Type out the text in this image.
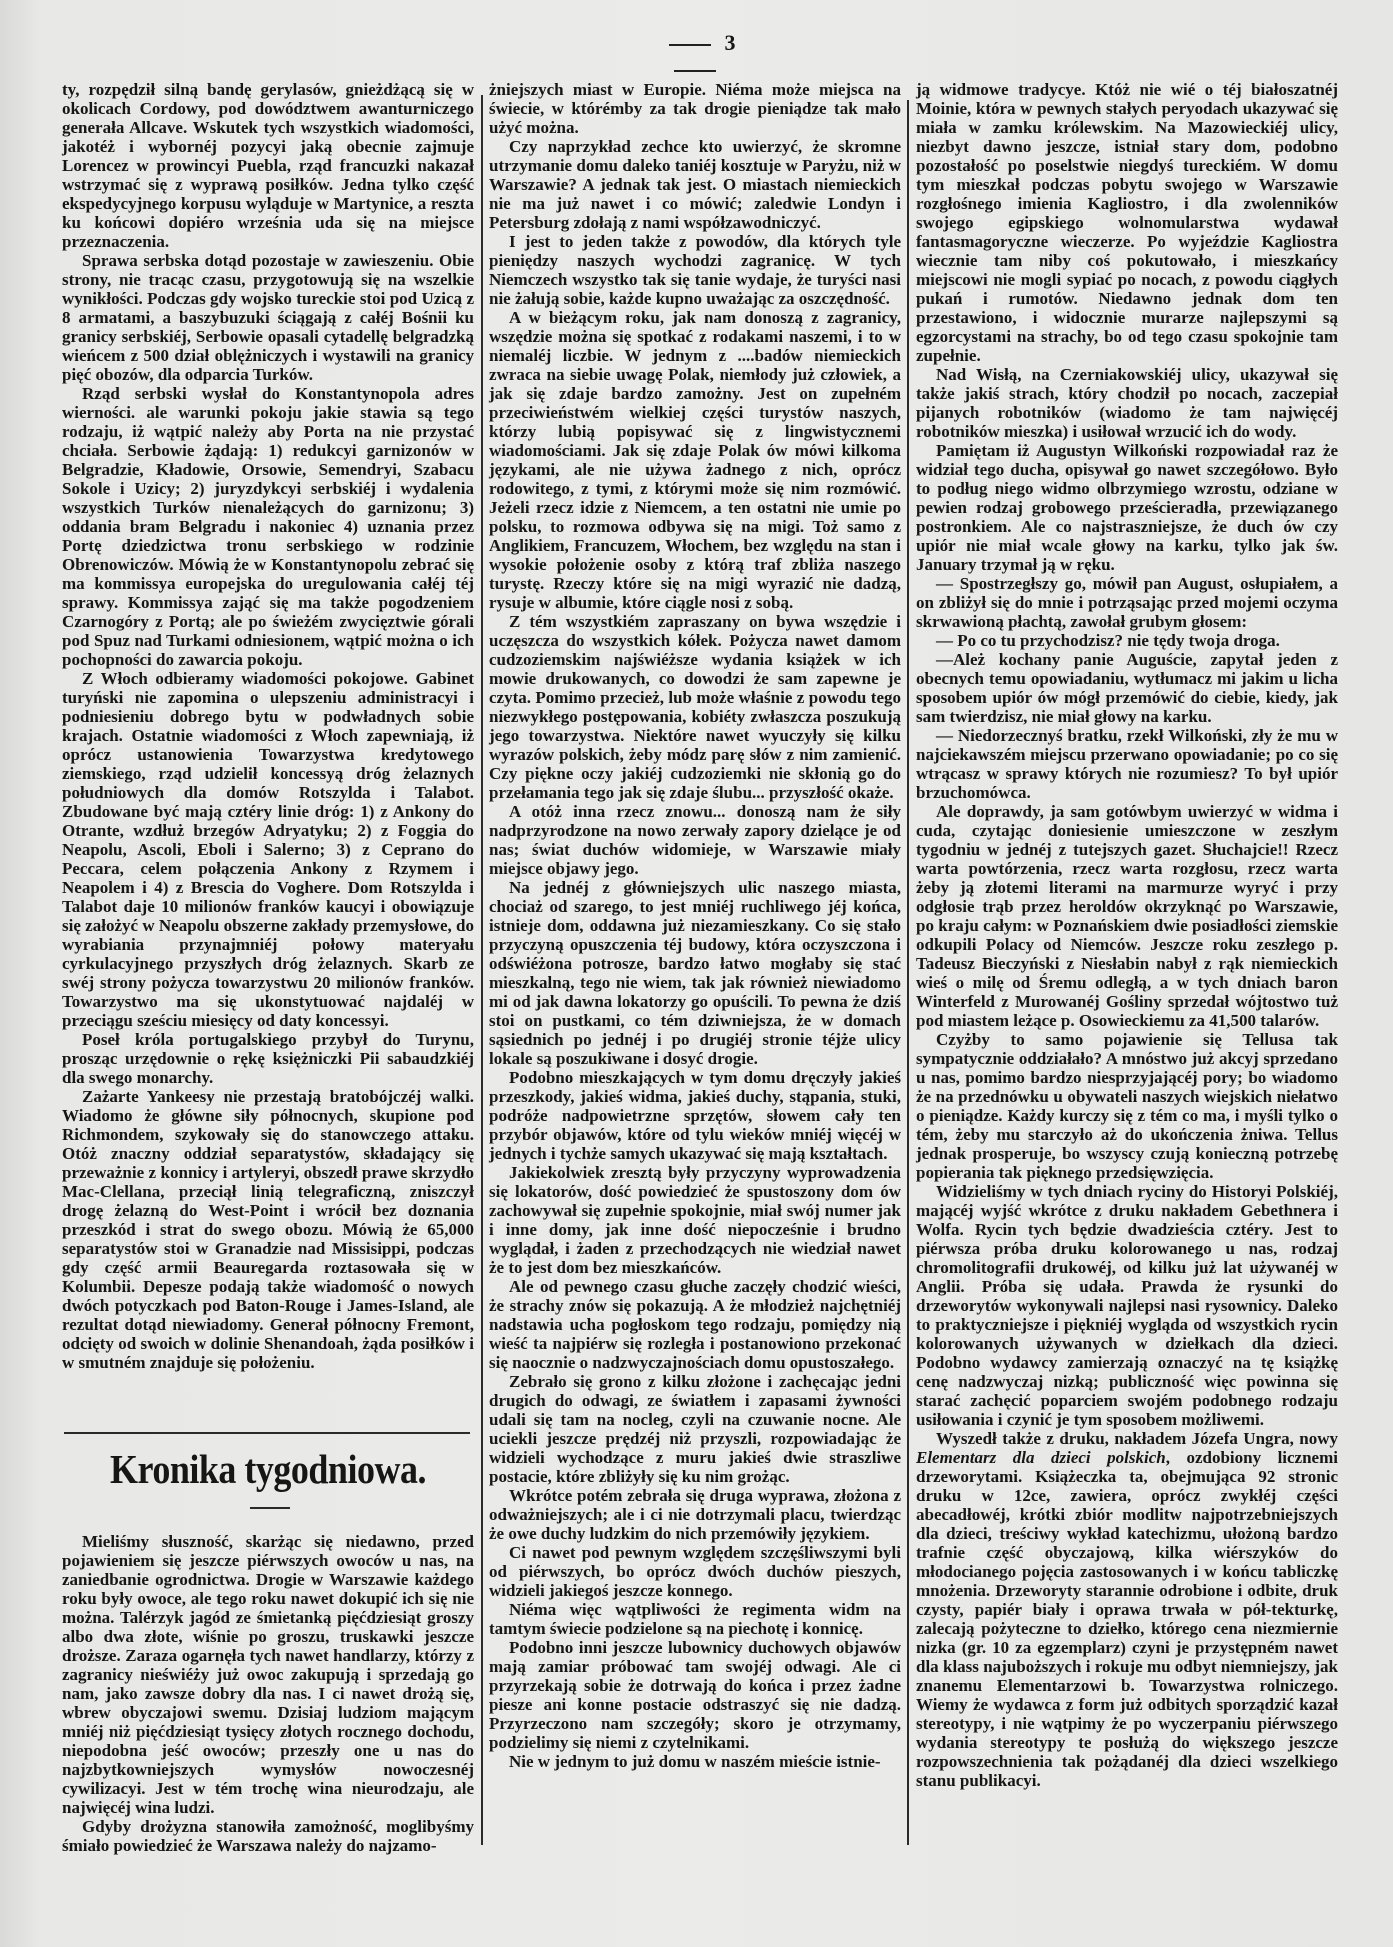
3

ty, rozpędził silną bandę gerylasów, gnieżdżącą się w okolicach Cordowy, pod dowództwem awanturniczego generała Allcave. Wskutek tych wszystkich wiadomości, jakotéż i wybornéj pozycyi jaką obecnie zajmuje Lorencez w prowincyi Puebla, rząd francuzki nakazał wstrzymać się z wyprawą posiłków. Jedna tylko część ekspedycyjnego korpusu wyląduje w Martynice, a reszta ku końcowi dopiéro września uda się na miejsce przeznaczenia.

Sprawa serbska dotąd pozostaje w zawieszeniu. Obie strony, nie tracąc czasu, przygotowują się na wszelkie wynikłości. Podczas gdy wojsko tureckie stoi pod Uzicą z 8 armatami, a baszybuzuki ściągają z całéj Bośnii ku granicy serbskiéj, Serbowie opasali cytadellę belgradzką wieńcem z 500 dział oblężniczych i wystawili na granicy pięć obozów, dla odparcia Turków.

Rząd serbski wysłał do Konstantynopola adres wierności. ale warunki pokoju jakie stawia są tego rodzaju, iż wątpić należy aby Porta na nie przystać chciała. Serbowie żądają: 1) redukcyi garnizonów w Belgradzie, Kładowie, Orsowie, Semendryi, Szabacu Sokole i Uzicy; 2) juryzdykcyi serbskiéj i wydalenia wszystkich Turków nienależących do garnizonu; 3) oddania bram Belgradu i nakoniec 4) uznania przez Portę dziedzictwa tronu serbskiego w rodzinie Obrenowiczów. Mówią że w Konstantynopolu zebrać się ma kommissya europejska do uregulowania całéj téj sprawy. Kommissya zająć się ma także pogodzeniem Czarnogóry z Portą; ale po świeżém zwycięztwie górali pod Spuz nad Turkami odniesionem, wątpić można o ich pochopności do zawarcia pokoju.

Z Włoch odbieramy wiadomości pokojowe. Gabinet turyński nie zapomina o ulepszeniu administracyi i podniesieniu dobrego bytu w podwładnych sobie krajach. Ostatnie wiadomości z Włoch zapewniają, iż oprócz ustanowienia Towarzystwa kredytowego ziemskiego, rząd udzielił koncessyą dróg żelaznych południowych dla domów Rotszylda i Talabot. Zbudowane być mają cztéry linie dróg: 1) z Ankony do Otrante, wzdłuż brzegów Adryatyku; 2) z Foggia do Neapolu, Ascoli, Eboli i Salerno; 3) z Ceprano do Peccara, celem połączenia Ankony z Rzymem i Neapolem i 4) z Brescia do Voghere. Dom Rotszylda i Talabot daje 10 milionów franków kaucyi i obowiązuje się założyć w Neapolu obszerne zakłady przemysłowe, do wyrabiania przynajmniéj połowy materyału cyrkulacyjnego przyszłych dróg żelaznych. Skarb ze swéj strony pożycza towarzystwu 20 milionów franków. Towarzystwo ma się ukonstytuować najdaléj w przeciągu sześciu miesięcy od daty koncessyi.

Poseł króla portugalskiego przybył do Turynu, prosząc urzędownie o rękę księżniczki Pii sabaudzkiéj dla swego monarchy.

Zażarte Yankeesy nie przestają bratobójczéj walki. Wiadomo że główne siły północnych, skupione pod Richmondem, szykowały się do stanowczego attaku. Otóż znaczny oddział separatystów, składający się przeważnie z konnicy i artyleryi, obszedł prawe skrzydło Mac-Clellana, przeciął linią telegraficzną, zniszczył drogę żelazną do West-Point i wrócił bez doznania przeszkód i strat do swego obozu. Mówią że 65,000 separatystów stoi w Granadzie nad Missisippi, podczas gdy część armii Beauregarda roztasowała się w Kolumbii. Depesze podają także wiadomość o nowych dwóch potyczkach pod Baton-Rouge i James-Island, ale rezultat dotąd niewiadomy. Generał północny Fremont, odcięty od swoich w dolinie Shenandoah, żąda posiłków i w smutném znajduje się położeniu.

Kronika tygodniowa.

Mieliśmy słuszność, skarżąc się niedawno, przed pojawieniem się jeszcze piérwszych owoców u nas, na zaniedbanie ogrodnictwa. Drogie w Warszawie każdego roku były owoce, ale tego roku nawet dokupić ich się nie można. Talérzyk jagód ze śmietanką pięćdziesiąt groszy albo dwa złote, wiśnie po groszu, truskawki jeszcze droższe. Zaraza ogarnęła tych nawet handlarzy, którzy z zagranicy nieświéży już owoc zakupują i sprzedają go nam, jako zawsze dobry dla nas. I ci nawet drożą się, wbrew obyczajowi swemu. Dzisiaj ludziom mającym mniéj niż pięćdziesiąt tysięcy złotych rocznego dochodu, niepodobna jeść owoców; przeszły one u nas do najzbytkowniejszych wymysłów nowoczesnéj cywilizacyi. Jest w tém trochę wina nieurodzaju, ale najwięcéj wina ludzi.

Gdyby drożyzna stanowiła zamożność, moglibyśmy śmiało powiedzieć że Warszawa należy do najzamo-

żniejszych miast w Europie. Niéma może miejsca na świecie, w którémby za tak drogie pieniądze tak mało użyć można.

Czy naprzykład zechce kto uwierzyć, że skromne utrzymanie domu daleko taniéj kosztuje w Paryżu, niż w Warszawie? A jednak tak jest. O miastach niemieckich nie ma już nawet i co mówić; zaledwie Londyn i Petersburg zdołają z nami współzawodniczyć.

I jest to jeden także z powodów, dla których tyle pieniędzy naszych wychodzi zagranicę. W tych Niemczech wszystko tak się tanie wydaje, że turyści nasi nie żałują sobie, każde kupno uważając za oszczędność.

A w bieżącym roku, jak nam donoszą z zagranicy, wszędzie można się spotkać z rodakami naszemi, i to w niemaléj liczbie. W jednym z ....badów niemieckich zwraca na siebie uwagę Polak, niemłody już człowiek, a jak się zdaje bardzo zamożny. Jest on zupełném przeciwieństwém wielkiej części turystów naszych, którzy lubią popisywać się z lingwistycznemi wiadomościami. Jak się zdaje Polak ów mówi kilkoma językami, ale nie używa żadnego z nich, oprócz rodowitego, z tymi, z którymi może się nim rozmówić. Jeżeli rzecz idzie z Niemcem, a ten ostatni nie umie po polsku, to rozmowa odbywa się na migi. Toż samo z Anglikiem, Francuzem, Włochem, bez względu na stan i wysokie położenie osoby z którą traf zbliża naszego turystę. Rzeczy które się na migi wyrazić nie dadzą, rysuje w albumie, które ciągle nosi z sobą.

Z tém wszystkiém zapraszany on bywa wszędzie i uczęszcza do wszystkich kółek. Pożycza nawet damom cudzoziemskim najświéższe wydania książek w ich mowie drukowanych, co dowodzi że sam zapewne je czyta. Pomimo przecież, lub może właśnie z powodu tego niezwykłego postępowania, kobiéty zwłaszcza poszukują jego towarzystwa. Niektóre nawet wyuczyły się kilku wyrazów polskich, żeby módz parę słów z nim zamienić. Czy piękne oczy jakiéj cudzoziemki nie skłonią go do przełamania tego jak się zdaje ślubu... przyszłość okaże.

A otóż inna rzecz znowu... donoszą nam że siły nadprzyrodzone na nowo zerwały zapory dzielące je od nas; świat duchów widomieje, w Warszawie miały miejsce objawy jego.

Na jednéj z główniejszych ulic naszego miasta, chociaż od szarego, to jest mniéj ruchliwego jéj końca, istnieje dom, oddawna już niezamieszkany. Co się stało przyczyną opuszczenia téj budowy, która oczyszczona i odświéżona potrosze, bardzo łatwo mogłaby się stać mieszkalną, tego nie wiem, tak jak również niewiadomo mi od jak dawna lokatorzy go opuścili. To pewna że dziś stoi on pustkami, co tém dziwniejsza, że w domach sąsiednich po jednéj i po drugiéj stronie téjże ulicy lokale są poszukiwane i dosyć drogie.

Podobno mieszkających w tym domu dręczyły jakieś przeszkody, jakieś widma, jakieś duchy, stąpania, stuki, podróże nadpowietrzne sprzętów, słowem cały ten przybór objawów, które od tylu wieków mniéj więcéj w jednych i tychże samych ukazywać się mają kształtach.

Jakiekolwiek zresztą były przyczyny wyprowadzenia się lokatorów, dość powiedzieć że spustoszony dom ów zachowywał się zupełnie spokojnie, miał swój numer jak i inne domy, jak inne dość niepocześnie i brudno wyglądał, i żaden z przechodzących nie wiedział nawet że to jest dom bez mieszkańców.

Ale od pewnego czasu głuche zaczęły chodzić wieści, że strachy znów się pokazują. A że młodzież najchętniéj nadstawia ucha pogłoskom tego rodzaju, pomiędzy nią wieść ta najpiérw się rozległa i postanowiono przekonać się naocznie o nadzwyczajnościach domu opustoszałego.

Zebrało się grono z kilku złożone i zachęcając jedni drugich do odwagi, ze światłem i zapasami żywności udali się tam na nocleg, czyli na czuwanie nocne. Ale uciekli jeszcze prędzéj niż przyszli, rozpowiadając że widzieli wychodzące z muru jakieś dwie straszliwe postacie, które zbliżyły się ku nim grożąc.

Wkrótce potém zebrała się druga wyprawa, złożona z odważniejszych; ale i ci nie dotrzymali placu, twierdząc że owe duchy ludzkim do nich przemówiły językiem.

Ci nawet pod pewnym względem szczęśliwszymi byli od piérwszych, bo oprócz dwóch duchów pieszych, widzieli jakiegoś jeszcze konnego.

Niéma więc wątpliwości że regimenta widm na tamtym świecie podzielone są na piechotę i konnicę.

Podobno inni jeszcze lubownicy duchowych objawów mają zamiar próbować tam swojéj odwagi. Ale ci przyrzekają sobie że dotrwają do końca i przez żadne piesze ani konne postacie odstraszyć się nie dadzą. Przyrzeczono nam szczegóły; skoro je otrzymamy, podzielimy się niemi z czytelnikami.

Nie w jednym to już domu w naszém mieście istnie-

ją widmowe tradycye. Któż nie wié o téj białoszatnéj Moinie, która w pewnych stałych peryodach ukazywać się miała w zamku królewskim. Na Mazowieckiéj ulicy, niezbyt dawno jeszcze, istniał stary dom, podobno pozostałość po poselstwie niegdyś tureckiém. W domu tym mieszkał podczas pobytu swojego w Warszawie rozgłośnego imienia Kagliostro, i dla zwolenników swojego egipskiego wolnomularstwa wydawał fantasmagoryczne wieczerze. Po wyjeździe Kagliostra wiecznie tam niby coś pokutowało, i mieszkańcy miejscowi nie mogli sypiać po nocach, z powodu ciągłych pukań i rumotów. Niedawno jednak dom ten przestawiono, i widocznie murarze najlepszymi są egzorcystami na strachy, bo od tego czasu spokojnie tam zupełnie.

Nad Wisłą, na Czerniakowskiéj ulicy, ukazywał się także jakiś strach, który chodził po nocach, zaczepiał pijanych robotników (wiadomo że tam najwięcéj robotników mieszka) i usiłował wrzucić ich do wody.

Pamiętam iż Augustyn Wilkoński rozpowiadał raz że widział tego ducha, opisywał go nawet szczegółowo. Było to podług niego widmo olbrzymiego wzrostu, odziane w pewien rodzaj grobowego prześcieradła, przewiązanego postronkiem. Ale co najstraszniejsze, że duch ów czy upiór nie miał wcale głowy na karku, tylko jak św. January trzymał ją w ręku.

— Spostrzegłszy go, mówił pan August, osłupiałem, a on zbliżył się do mnie i potrząsając przed mojemi oczyma skrwawioną płachtą, zawołał grubym głosem:

— Po co tu przychodzisz? nie tędy twoja droga.

—Ależ kochany panie Auguście, zapytał jeden z obecnych temu opowiadaniu, wytłumacz mi jakim u licha sposobem upiór ów mógł przemówić do ciebie, kiedy, jak sam twierdzisz, nie miał głowy na karku.

— Niedorzecznyś bratku, rzekł Wilkoński, zły że mu w najciekawszém miejscu przerwano opowiadanie; po co się wtrącasz w sprawy których nie rozumiesz? To był upiór brzuchomówca.

Ale doprawdy, ja sam gotówbym uwierzyć w widma i cuda, czytając doniesienie umieszczone w zeszłym tygodniu w jednéj z tutejszych gazet. Słuchajcie!! Rzecz warta powtórzenia, rzecz warta rozgłosu, rzecz warta żeby ją złotemi literami na marmurze wyryć i przy odgłosie trąb przez heroldów okrzyknąć po Warszawie, po kraju całym: w Poznańskiem dwie posiadłości ziemskie odkupili Polacy od Niemców. Jeszcze roku zeszłego p. Tadeusz Bieczyński z Niesłabin nabył z rąk niemieckich wieś o milę od Śremu odległą, a w tych dniach baron Winterfeld z Murowanéj Gośliny sprzedał wójtostwo tuż pod miastem leżące p. Osowieckiemu za 41,500 talarów.

Czyżby to samo pojawienie się Tellusa tak sympatycznie oddziałało? A mnóstwo już akcyj sprzedano u nas, pomimo bardzo niesprzyjającéj pory; bo wiadomo że na przednówku u obywateli naszych wiejskich niełatwo o pieniądze. Każdy kurczy się z tém co ma, i myśli tylko o tém, żeby mu starczyło aż do ukończenia żniwa. Tellus jednak prosperuje, bo wszyscy czują konieczną potrzebę popierania tak pięknego przedsięwzięcia.

Widzieliśmy w tych dniach ryciny do Historyi Polskiéj, mającéj wyjść wkrótce z druku nakładem Gebethnera i Wolfa. Rycin tych będzie dwadzieścia cztéry. Jest to piérwsza próba druku kolorowanego u nas, rodzaj chromolitografii drukowéj, od kilku już lat używanéj w Anglii. Próba się udała. Prawda że rysunki do drzeworytów wykonywali najlepsi nasi rysownicy. Daleko to praktyczniejsze i piękniéj wygląda od wszystkich rycin kolorowanych używanych w dziełkach dla dzieci. Podobno wydawcy zamierzają oznaczyć na tę książkę cenę nadzwyczaj nizką; publiczność więc powinna się starać zachęcić poparciem swojém podobnego rodzaju usiłowania i czynić je tym sposobem możliwemi.

Wyszedł także z druku, nakładem Józefa Ungra, nowy Elementarz dla dzieci polskich, ozdobiony licznemi drzeworytami. Książeczka ta, obejmująca 92 stronic druku w 12ce, zawiera, oprócz zwykłéj części abecadłowéj, krótki zbiór modlitw najpotrzebniejszych dla dzieci, treściwy wykład katechizmu, ułożoną bardzo trafnie część obyczajową, kilka wiérszyków do młodocianego pojęcia zastosowanych i w końcu tabliczkę mnożenia. Drzeworyty starannie odrobione i odbite, druk czysty, papiér biały i oprawa trwała w pół-tekturkę, zalecają pożyteczne to dziełko, którego cena niezmiernie nizka (gr. 10 za egzemplarz) czyni je przystępném nawet dla klass najuboższych i rokuje mu odbyt niemniejszy, jak znanemu Elementarzowi b. Towarzystwa rolniczego. Wiemy że wydawca z form już odbitych sporządzić kazał stereotypy, i nie wątpimy że po wyczerpaniu piérwszego wydania stereotypy te posłużą do większego jeszcze rozpowszechnienia tak pożądanéj dla dzieci wszelkiego stanu publikacyi.
